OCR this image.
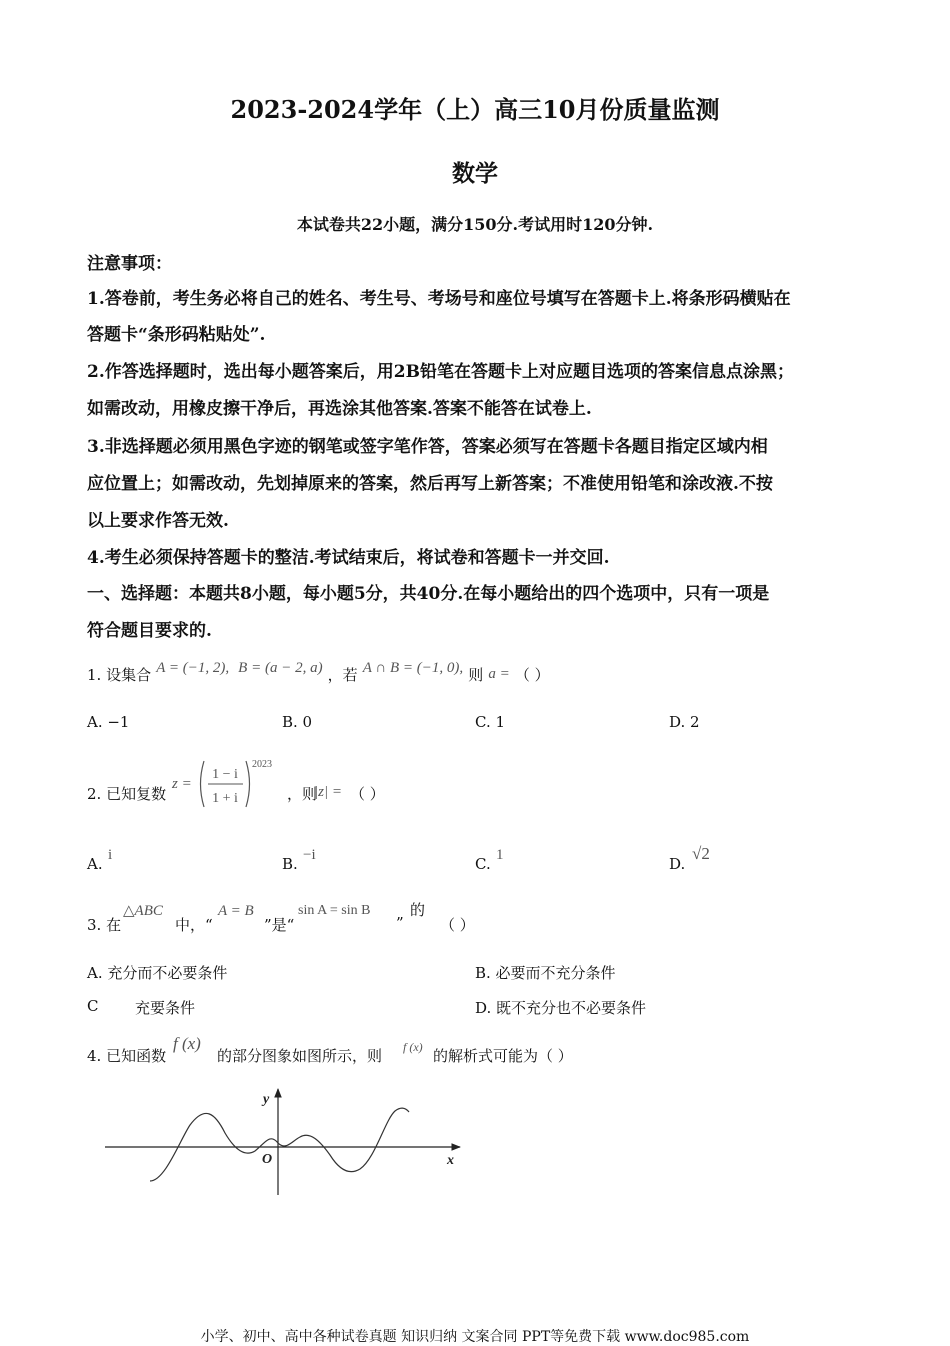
2023-2024学年（上）高三10月份质量监测
数学
本试卷共22小题，满分150分.考试用时120分钟.
注意事项：
1.答卷前，考生务必将自己的姓名、考生号、考场号和座位号填写在答题卡上.将条形码横贴在
答题卡“条形码粘贴处”.
2.作答选择题时，选出每小题答案后，用2B铅笔在答题卡上对应题目选项的答案信息点涂黑；
如需改动，用橡皮擦干净后，再选涂其他答案.答案不能答在试卷上.
3.非选择题必须用黑色字迹的钢笔或签字笔作答，答案必须写在答题卡各题目指定区域内相
应位置上；如需改动，先划掉原来的答案，然后再写上新答案；不准使用铅笔和涂改液.不按
以上要求作答无效.
4.考生必须保持答题卡的整洁.考试结束后，将试卷和答题卡一并交回.
一、选择题：本题共8小题，每小题5分，共40分.在每小题给出的四个选项中，只有一项是
符合题目要求的.
1. 设集合 A = (−1, 2), B = (a − 2, a) ，若 A ∩ B = (−1, 0), 则 a = （ ）
A. −1	B. 0	C. 1	D. 2
2. 已知复数
z =
1 − i
1 + i
2023
，则
|z| = （ ）
A. i	B. −i	C. 1	D.
√2
3. 在
△ABC
中，“
A = B
”是“
sin A = sin B
”
的
（ ）
A. 充分而不必要条件	B. 必要而不充分条件
C 充要条件	D. 既不充分也不必要条件
4. 已知函数
f (x)
的部分图象如图所示，则 f (x) 的解析式可能为（ ）
y
x
O
小学、初中、高中各种试卷真题 知识归纳 文案合同 PPT等免费下载 www.doc985.com
